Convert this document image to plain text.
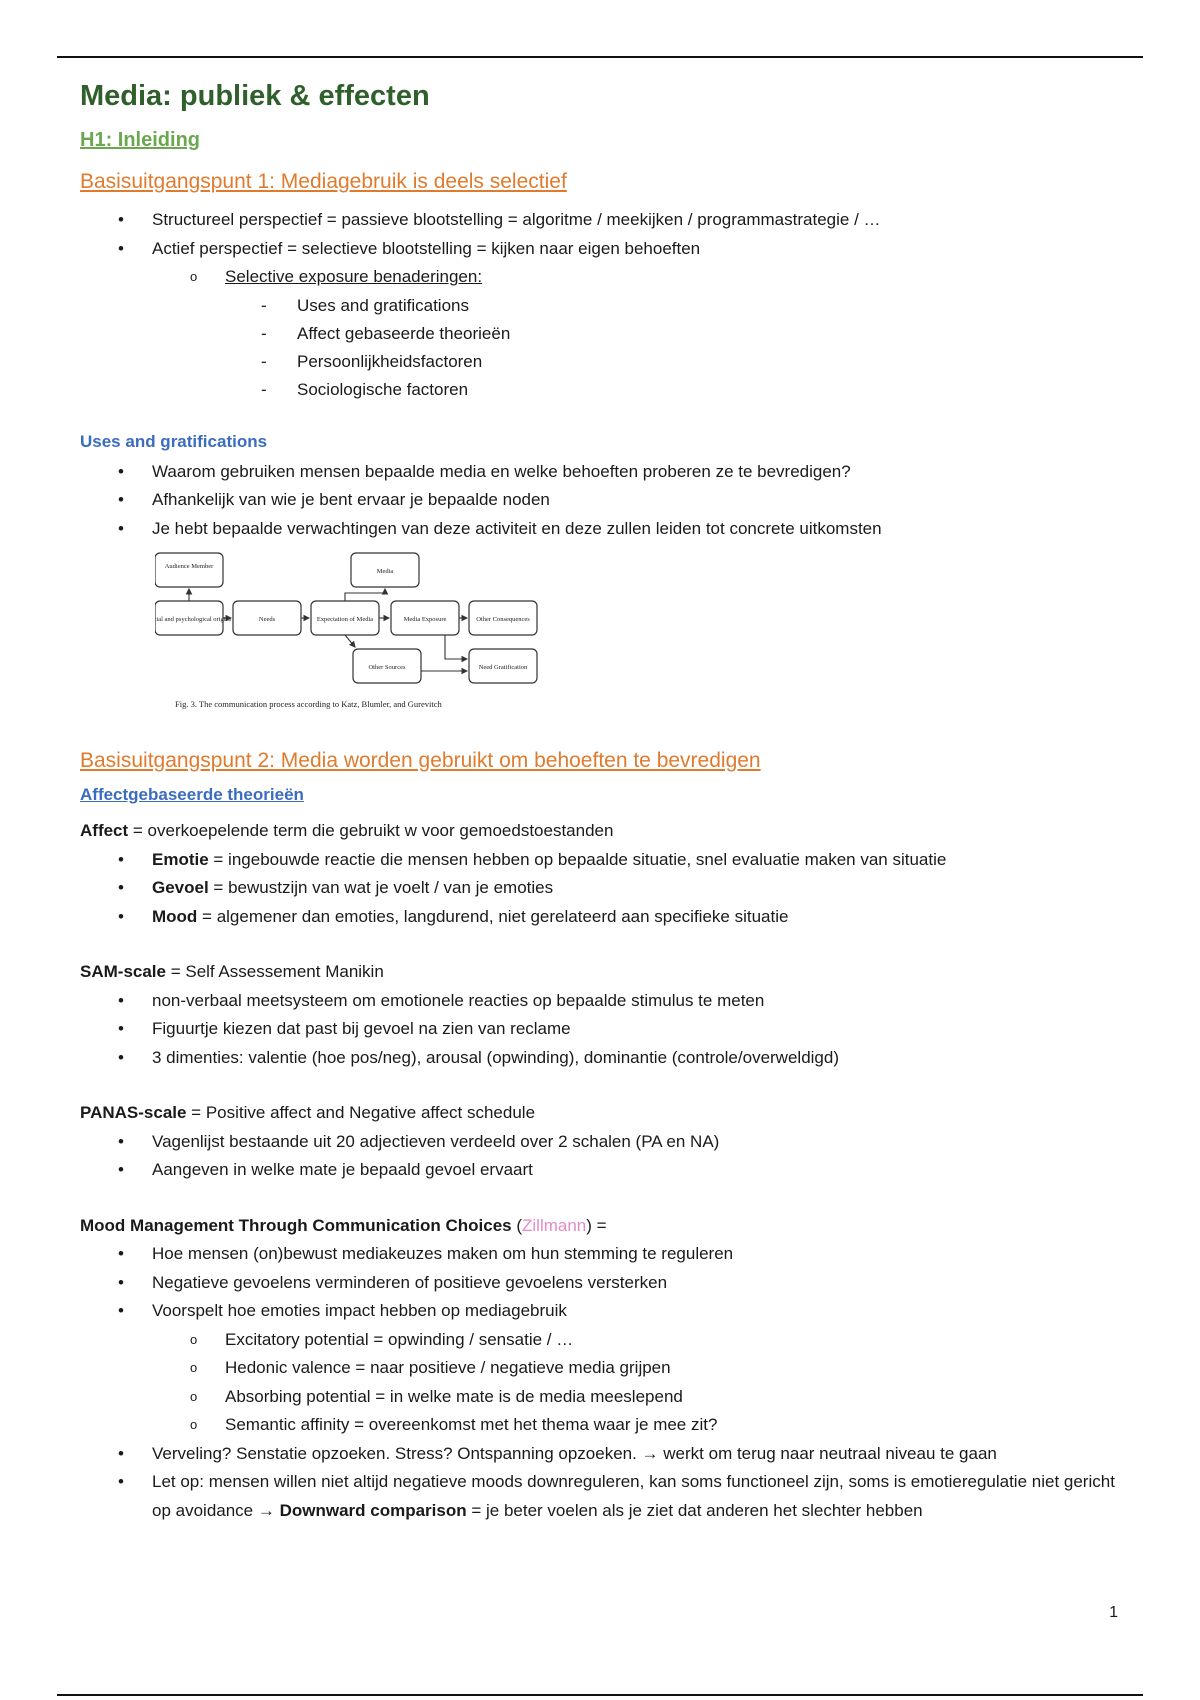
Media: publiek & effecten
H1: Inleiding
Basisuitgangspunt 1: Mediagebruik is deels selectief
• Structureel perspectief = passieve blootstelling = algoritme / meekijken / programmastrategie / …
• Actief perspectief = selectieve blootstelling = kijken naar eigen behoeften
o Selective exposure benaderingen:
- Uses and gratifications
- Affect gebaseerde theorieën
- Persoonlijkheidsfactoren
- Sociologische factoren
Uses and gratifications
• Waarom gebruiken mensen bepaalde media en welke behoeften proberen ze te bevredigen?
• Afhankelijk van wie je bent ervaar je bepaalde noden
• Je hebt bepaalde verwachtingen van deze activiteit en deze zullen leiden tot concrete uitkomsten
Audience Member
Social and psychological origins	Needs	Expectation of Media
Media
Media Exposure	Other Consequences
Other Sources	Need Gratification
Fig. 3. The communication process according to Katz, Blumler, and Gurevitch
Basisuitgangspunt 2: Media worden gebruikt om behoeften te bevredigen
Affectgebaseerde theorieën
Affect = overkoepelende term die gebruikt w voor gemoedstoestanden
• Emotie = ingebouwde reactie die mensen hebben op bepaalde situatie, snel evaluatie maken van situatie
• Gevoel = bewustzijn van wat je voelt / van je emoties
• Mood = algemener dan emoties, langdurend, niet gerelateerd aan specifieke situatie
SAM-scale = Self Assessement Manikin
• non-verbaal meetsysteem om emotionele reacties op bepaalde stimulus te meten
• Figuurtje kiezen dat past bij gevoel na zien van reclame
• 3 dimenties: valentie (hoe pos/neg), arousal (opwinding), dominantie (controle/overweldigd)
PANAS-scale = Positive affect and Negative affect schedule
• Vagenlijst bestaande uit 20 adjectieven verdeeld over 2 schalen (PA en NA)
• Aangeven in welke mate je bepaald gevoel ervaart
Mood Management Through Communication Choices (Zillmann) =
• Hoe mensen (on)bewust mediakeuzes maken om hun stemming te reguleren
• Negatieve gevoelens verminderen of positieve gevoelens versterken
• Voorspelt hoe emoties impact hebben op mediagebruik
o Excitatory potential = opwinding / sensatie / …
o Hedonic valence = naar positieve / negatieve media grijpen
o Absorbing potential = in welke mate is de media meeslepend
o Semantic affinity = overeenkomst met het thema waar je mee zit?
• Verveling? Senstatie opzoeken. Stress? Ontspanning opzoeken. → werkt om terug naar neutraal niveau te gaan
• Let op: mensen willen niet altijd negatieve moods downreguleren, kan soms functioneel zijn, soms is emotieregulatie niet gericht op avoidance → Downward comparison = je beter voelen als je ziet dat anderen het slechter hebben
1
